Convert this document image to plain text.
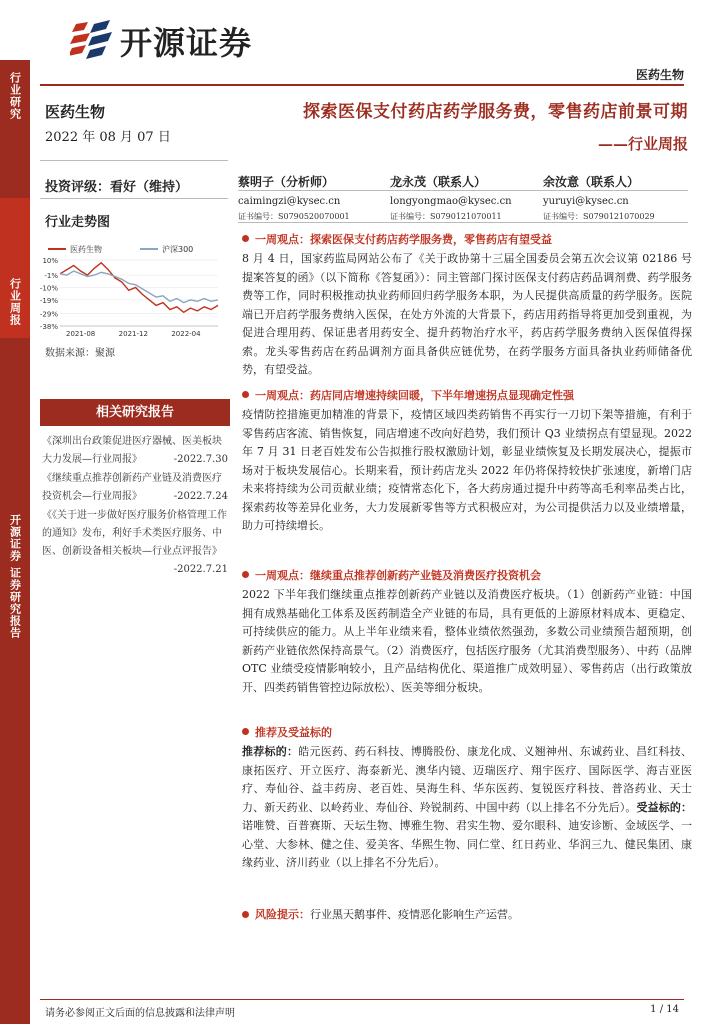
行业研究
行业周报
开源证券 证券研究报告
开源证券
医药生物
医药生物
2022 年 08 月 07 日
投资评级：看好（维持）
行业走势图
医药生物	沪深300
10%
-1%
-10%
-19%
-29%
-38%
2021-08	2021-12	2022-04
数据来源：聚源
相关研究报告
《深圳出台政策促进医疗器械、医美板块大力发展—行业周报》	-2022.7.30
《继续重点推荐创新药产业链及消费医疗投资机会—行业周报》	-2022.7.24
《《关于进一步做好医疗服务价格管理工作的通知》发布，利好手术类医疗服务、中医、创新设备相关板块—行业点评报告》
-2022.7.21
探索医保支付药店药学服务费，零售药店前景可期
——行业周报
蔡明子（分析师）
caimingzi@kysec.cn
证书编号：S0790520070001
龙永茂（联系人）
longyongmao@kysec.cn
证书编号：S0790121070011
余汝意（联系人）
yuruyi@kysec.cn
证书编号：S0790121070029
一周观点：探索医保支付药店药学服务费，零售药店有望受益
8 月 4 日，国家药监局网站公布了《关于政协第十三届全国委员会第五次会议第 02186 号提案答复的函》（以下简称《答复函》）：同主管部门探讨医保支付药店药品调剂费、药学服务费等工作，同时积极推动执业药师回归药学服务本职，为人民提供高质量的药学服务。医院端已开启药学服务费纳入医保，在处方外流的大背景下，药店用药指导将更加受到重视，为促进合理用药、保证患者用药安全、提升药物治疗水平，药店药学服务费纳入医保值得探索。龙头零售药店在药品调剂方面具备供应链优势，在药学服务方面具备执业药师储备优势，有望受益。
一周观点：药店同店增速持续回暖，下半年增速拐点显现确定性强
疫情防控措施更加精准的背景下，疫情区域四类药销售不再实行一刀切下架等措施，有利于零售药店客流、销售恢复，同店增速不改向好趋势，我们预计 Q3 业绩拐点有望显现。2022 年 7 月 31 日老百姓发布公告拟推行股权激励计划，彰显业绩恢复及长期发展决心，提振市场对于板块发展信心。长期来看，预计药店龙头 2022 年仍将保持较快扩张速度，新增门店未来将持续为公司贡献业绩；疫情常态化下，各大药房通过提升中药等高毛利率品类占比，探索药妆等差异化业务，大力发展新零售等方式积极应对，为公司提供活力以及业绩增量，助力可持续增长。
一周观点：继续重点推荐创新药产业链及消费医疗投资机会
2022 下半年我们继续重点推荐创新药产业链以及消费医疗板块。（1）创新药产业链：中国拥有成熟基础化工体系及医药制造全产业链的布局，具有更低的上游原材料成本、更稳定、可持续供应的能力。从上半年业绩来看，整体业绩依然强劲，多数公司业绩预告超预期，创新药产业链依然保持高景气。（2）消费医疗，包括医疗服务（尤其消费型服务）、中药（品牌 OTC 业绩受疫情影响较小，且产品结构优化、渠道推广成效明显）、零售药店（出行政策放开、四类药销售管控边际放松）、医美等细分板块。
推荐及受益标的
推荐标的：皓元医药、药石科技、博腾股份、康龙化成、义翘神州、东诚药业、昌红科技、康拓医疗、开立医疗、海泰新光、澳华内镜、迈瑞医疗、翔宇医疗、国际医学、海吉亚医疗、寿仙谷、益丰药房、老百姓、昊海生科、华东医药、复锐医疗科技、普洛药业、天士力、新天药业、以岭药业、寿仙谷、羚锐制药、中国中药（以上排名不分先后）。受益标的：诺唯赞、百普赛斯、天坛生物、博雅生物、君实生物、爱尔眼科、迪安诊断、金域医学、一心堂、大参林、健之佳、爱美客、华熙生物、同仁堂、红日药业、华润三九、健民集团、康缘药业、济川药业（以上排名不分先后）。
风险提示：行业黑天鹅事件、疫情恶化影响生产运营。
请务必参阅正文后面的信息披露和法律声明	1 / 14
